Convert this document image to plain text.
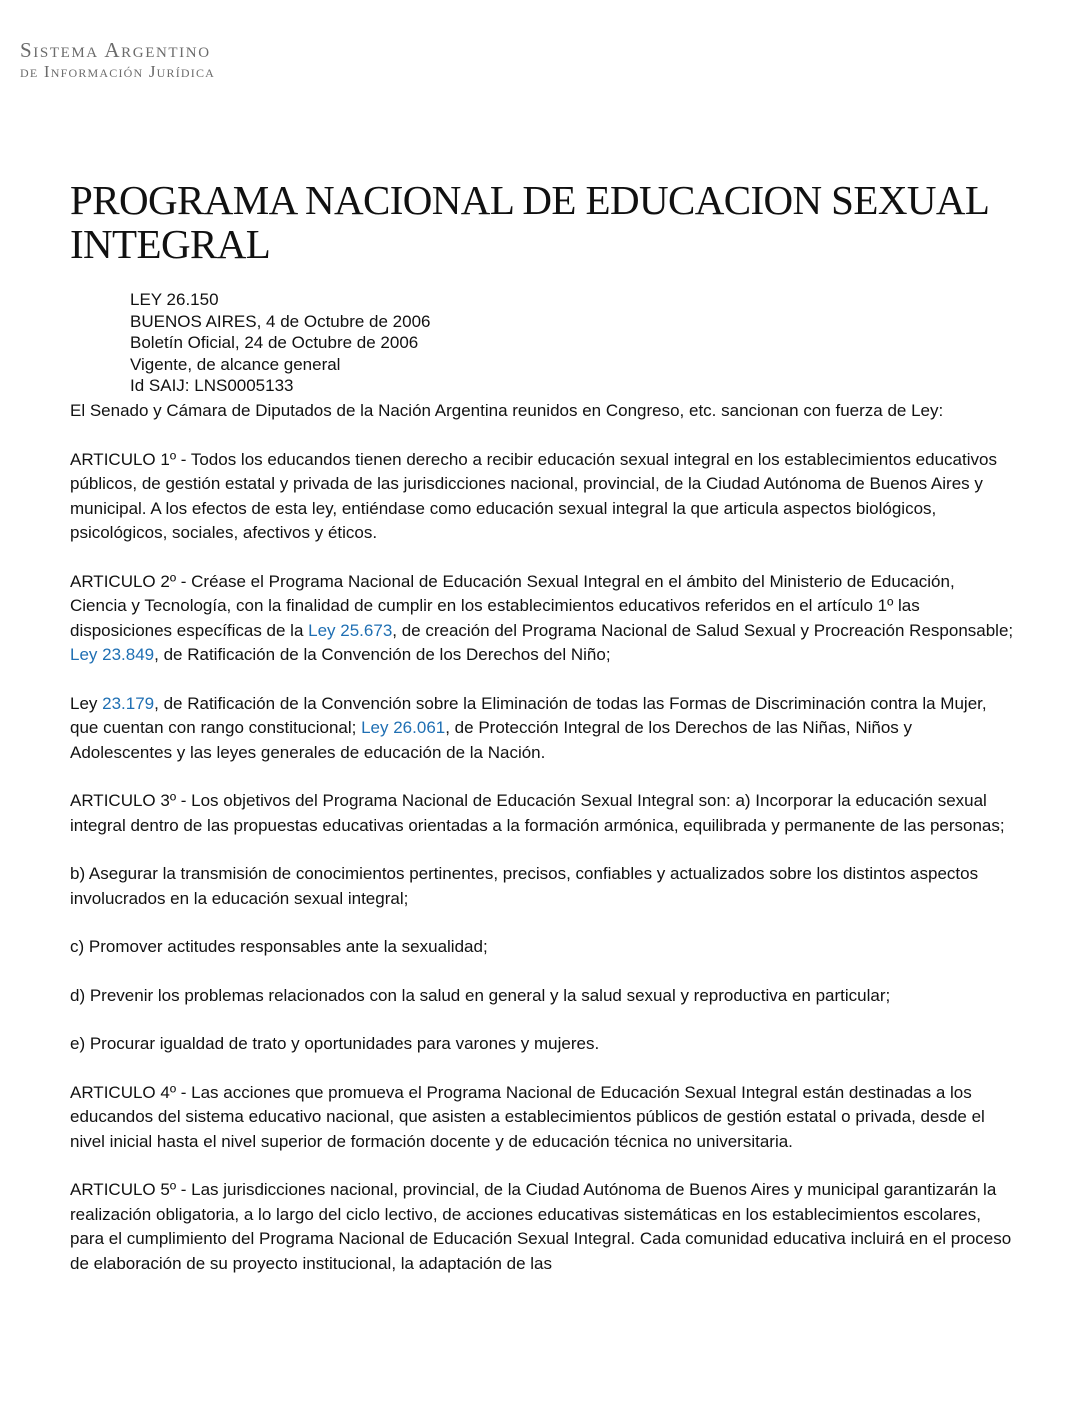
Sistema Argentino
de Información Jurídica
PROGRAMA NACIONAL DE EDUCACION SEXUAL INTEGRAL
LEY 26.150
BUENOS AIRES, 4 de Octubre de 2006
Boletín Oficial, 24 de Octubre de 2006
Vigente, de alcance general
Id SAIJ: LNS0005133

El Senado y Cámara de Diputados de la Nación Argentina reunidos en Congreso, etc. sancionan con fuerza de Ley:

ARTICULO 1º - Todos los educandos tienen derecho a recibir educación sexual integral en los establecimientos educativos públicos, de gestión estatal y privada de las jurisdicciones nacional, provincial, de la Ciudad Autónoma de Buenos Aires y municipal. A los efectos de esta ley, entiéndase como educación sexual integral la que articula aspectos biológicos, psicológicos, sociales, afectivos y éticos.

ARTICULO 2º - Créase el Programa Nacional de Educación Sexual Integral en el ámbito del Ministerio de Educación, Ciencia y Tecnología, con la finalidad de cumplir en los establecimientos educativos referidos en el artículo 1º las disposiciones específicas de la Ley 25.673, de creación del Programa Nacional de Salud Sexual y Procreación Responsable; Ley 23.849, de Ratificación de la Convención de los Derechos del Niño;

Ley 23.179, de Ratificación de la Convención sobre la Eliminación de todas las Formas de Discriminación contra la Mujer, que cuentan con rango constitucional; Ley 26.061, de Protección Integral de los Derechos de las Niñas, Niños y Adolescentes y las leyes generales de educación de la Nación.

ARTICULO 3º - Los objetivos del Programa Nacional de Educación Sexual Integral son: a) Incorporar la educación sexual integral dentro de las propuestas educativas orientadas a la formación armónica, equilibrada y permanente de las personas;

b) Asegurar la transmisión de conocimientos pertinentes, precisos, confiables y actualizados sobre los distintos aspectos involucrados en la educación sexual integral;

c) Promover actitudes responsables ante la sexualidad;

d) Prevenir los problemas relacionados con la salud en general y la salud sexual y reproductiva en particular;

e) Procurar igualdad de trato y oportunidades para varones y mujeres.

ARTICULO 4º - Las acciones que promueva el Programa Nacional de Educación Sexual Integral están destinadas a los educandos del sistema educativo nacional, que asisten a establecimientos públicos de gestión estatal o privada, desde el nivel inicial hasta el nivel superior de formación docente y de educación técnica no universitaria.

ARTICULO 5º - Las jurisdicciones nacional, provincial, de la Ciudad Autónoma de Buenos Aires y municipal garantizarán la realización obligatoria, a lo largo del ciclo lectivo, de acciones educativas sistemáticas en los establecimientos escolares, para el cumplimiento del Programa Nacional de Educación Sexual Integral. Cada comunidad educativa incluirá en el proceso de elaboración de su proyecto institucional, la adaptación de las
